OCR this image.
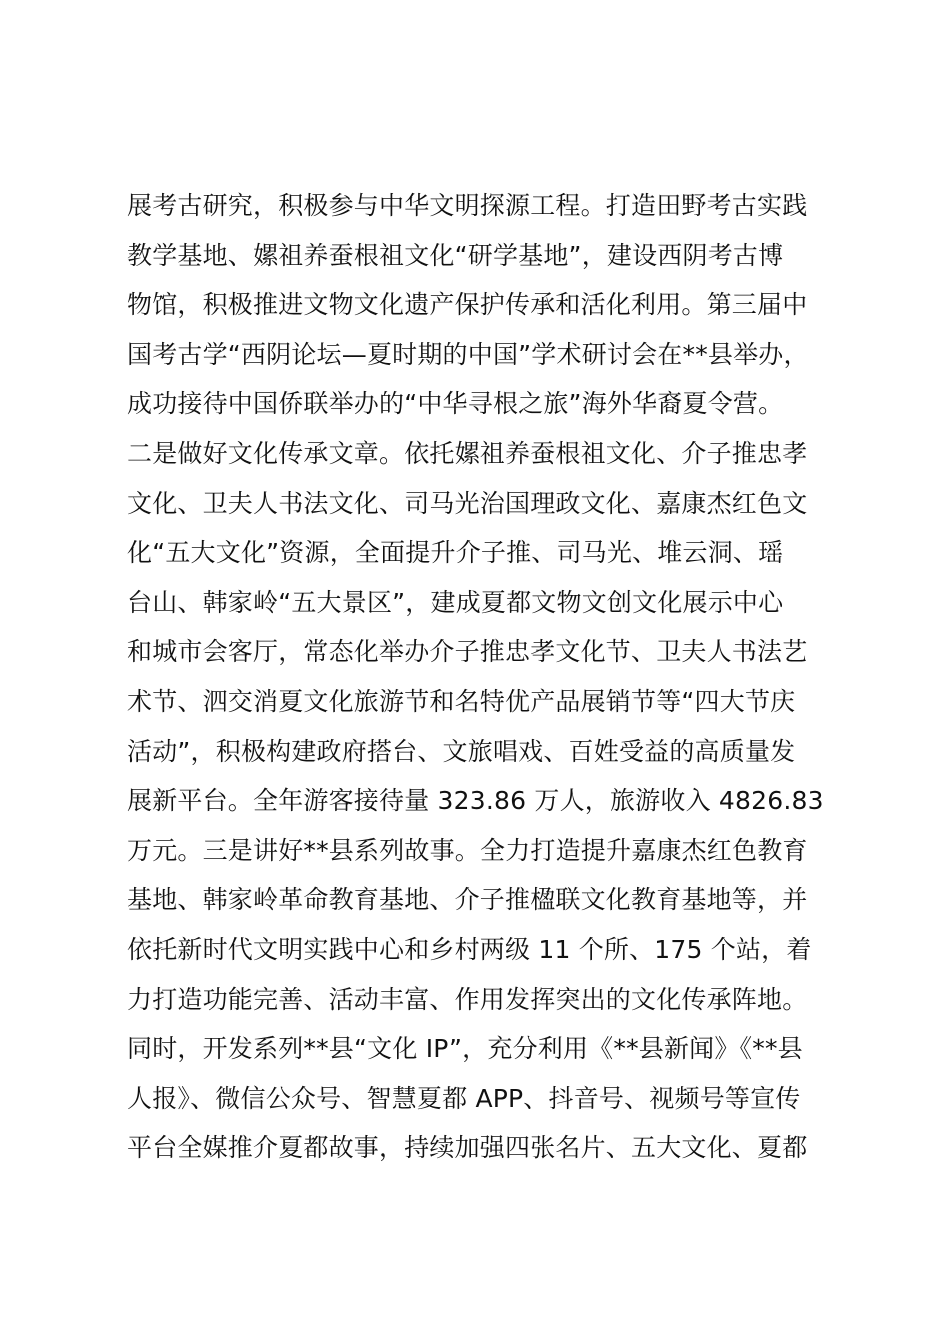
展考古研究，积极参与中华文明探源工程。打造田野考古实践
教学基地、嫘祖养蚕根祖文化“研学基地”，建设西阴考古博
物馆，积极推进文物文化遗产保护传承和活化利用。第三届中
国考古学“西阴论坛—夏时期的中国”学术研讨会在**县举办，
成功接待中国侨联举办的“中华寻根之旅”海外华裔夏令营。
二是做好文化传承文章。依托嫘祖养蚕根祖文化、介子推忠孝
文化、卫夫人书法文化、司马光治国理政文化、嘉康杰红色文
化“五大文化”资源，全面提升介子推、司马光、堆云洞、瑶
台山、韩家岭“五大景区”，建成夏都文物文创文化展示中心
和城市会客厅，常态化举办介子推忠孝文化节、卫夫人书法艺
术节、泗交消夏文化旅游节和名特优产品展销节等“四大节庆
活动”，积极构建政府搭台、文旅唱戏、百姓受益的高质量发
展新平台。全年游客接待量 323.86 万人，旅游收入 4826.83
万元。三是讲好**县系列故事。全力打造提升嘉康杰红色教育
基地、韩家岭革命教育基地、介子推楹联文化教育基地等，并
依托新时代文明实践中心和乡村两级 11 个所、175 个站，着
力打造功能完善、活动丰富、作用发挥突出的文化传承阵地。
同时，开发系列**县“文化 IP”，充分利用《**县新闻》《**县
人报》、微信公众号、智慧夏都 APP、抖音号、视频号等宣传
平台全媒推介夏都故事，持续加强四张名片、五大文化、夏都
